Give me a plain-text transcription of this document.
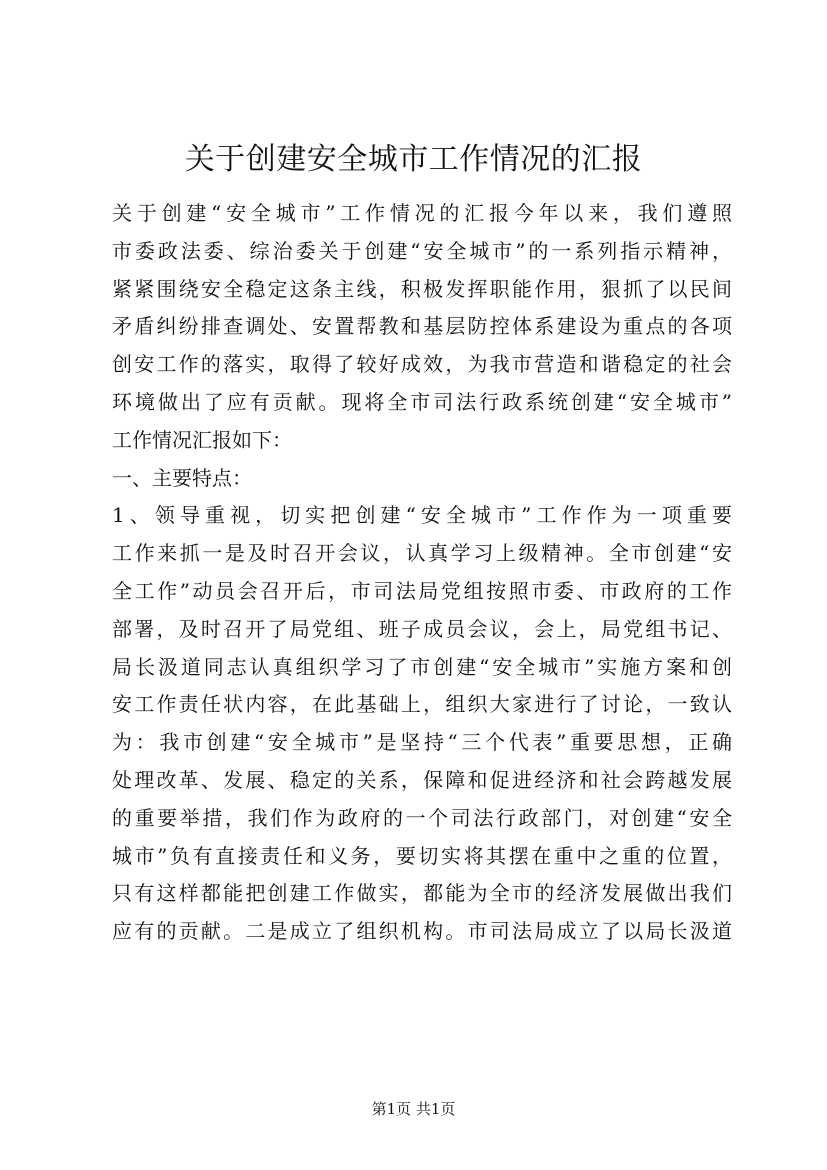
关于创建安全城市工作情况的汇报
关于创建“安全城市”工作情况的汇报今年以来，我们遵照
市委政法委、综治委关于创建“安全城市”的一系列指示精神，
紧紧围绕安全稳定这条主线，积极发挥职能作用，狠抓了以民间
矛盾纠纷排查调处、安置帮教和基层防控体系建设为重点的各项
创安工作的落实，取得了较好成效，为我市营造和谐稳定的社会
环境做出了应有贡献。现将全市司法行政系统创建“安全城市”
工作情况汇报如下：
一、主要特点：
1、领导重视，切实把创建“安全城市”工作作为一项重要
工作来抓一是及时召开会议，认真学习上级精神。全市创建“安
全工作”动员会召开后，市司法局党组按照市委、市政府的工作
部署，及时召开了局党组、班子成员会议，会上，局党组书记、
局长汲道同志认真组织学习了市创建“安全城市”实施方案和创
安工作责任状内容，在此基础上，组织大家进行了讨论，一致认
为：我市创建“安全城市”是坚持“三个代表”重要思想，正确
处理改革、发展、稳定的关系，保障和促进经济和社会跨越发展
的重要举措，我们作为政府的一个司法行政部门，对创建“安全
城市”负有直接责任和义务，要切实将其摆在重中之重的位置，
只有这样都能把创建工作做实，都能为全市的经济发展做出我们
应有的贡献。二是成立了组织机构。市司法局成立了以局长汲道
第1页 共1页
